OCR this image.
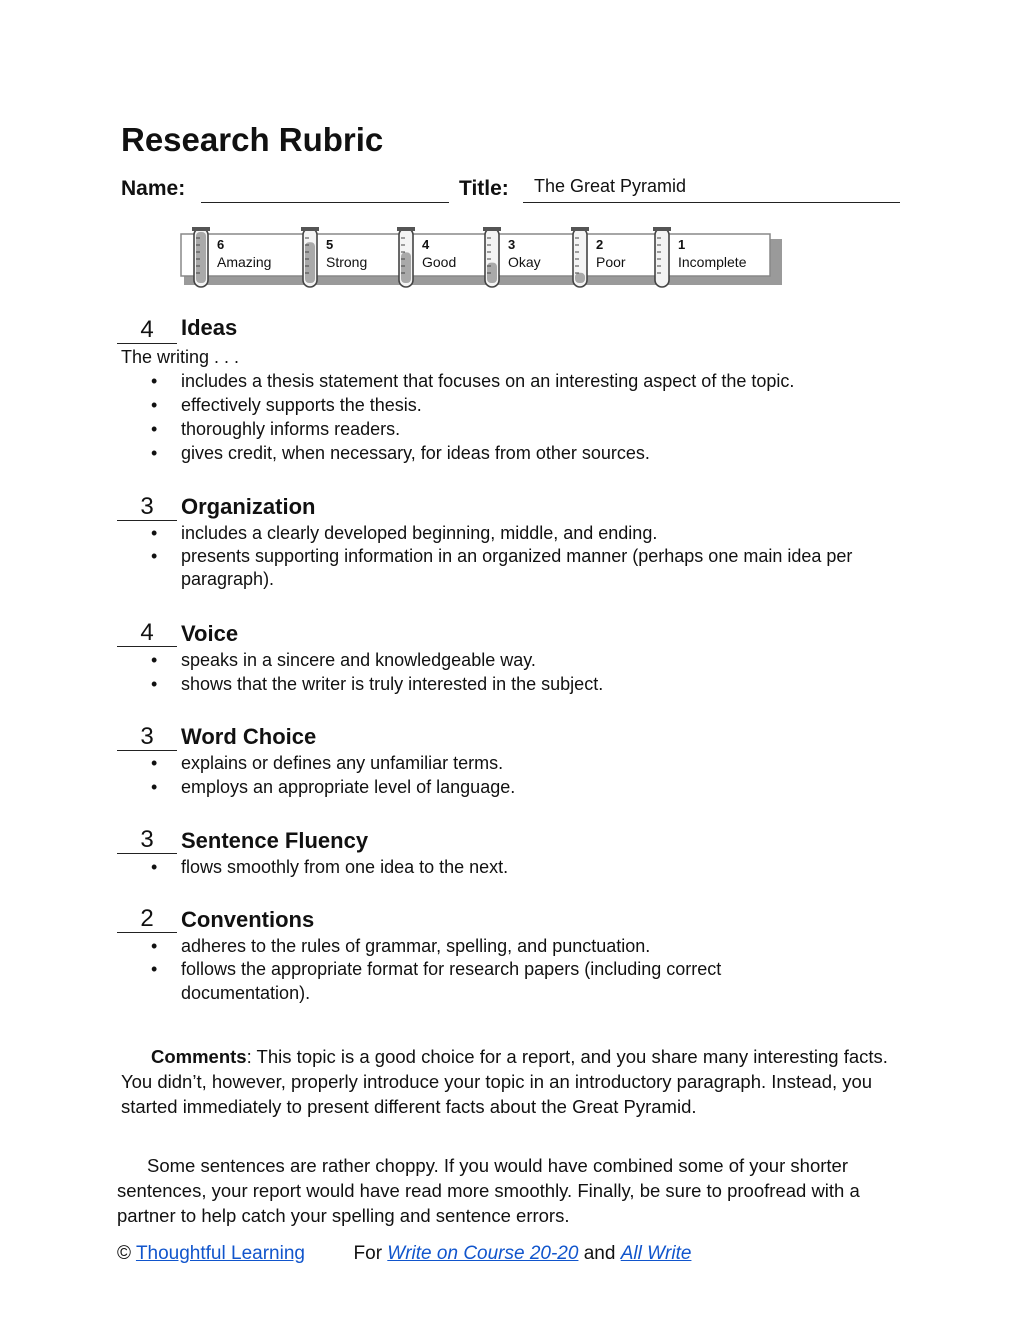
Research Rubric
Name:	Title:	The Great Pyramid
6
Amazing
5
Strong
4
Good
3
Okay
2
Poor
1
Incomplete
4	Ideas
The writing . . .
• includes a thesis statement that focuses on an interesting aspect of the topic.
• effectively supports the thesis.
• thoroughly informs readers.
• gives credit, when necessary, for ideas from other sources.
3	Organization
• includes a clearly developed beginning, middle, and ending.
• presents supporting information in an organized manner (perhaps one main idea per paragraph).
4	Voice
• speaks in a sincere and knowledgeable way.
• shows that the writer is truly interested in the subject.
3	Word Choice
• explains or defines any unfamiliar terms.
• employs an appropriate level of language.
3	Sentence Fluency
• flows smoothly from one idea to the next.
2	Conventions
• adheres to the rules of grammar, spelling, and punctuation.
• follows the appropriate format for research papers (including correct documentation).
Comments: This topic is a good choice for a report, and you share many interesting facts. You didn’t, however, properly introduce your topic in an introductory paragraph. Instead, you started immediately to present different facts about the Great Pyramid.
Some sentences are rather choppy. If you would have combined some of your shorter sentences, your report would have read more smoothly. Finally, be sure to proofread with a partner to help catch your spelling and sentence errors.
© Thoughtful Learning	For Write on Course 20-20 and All Write
